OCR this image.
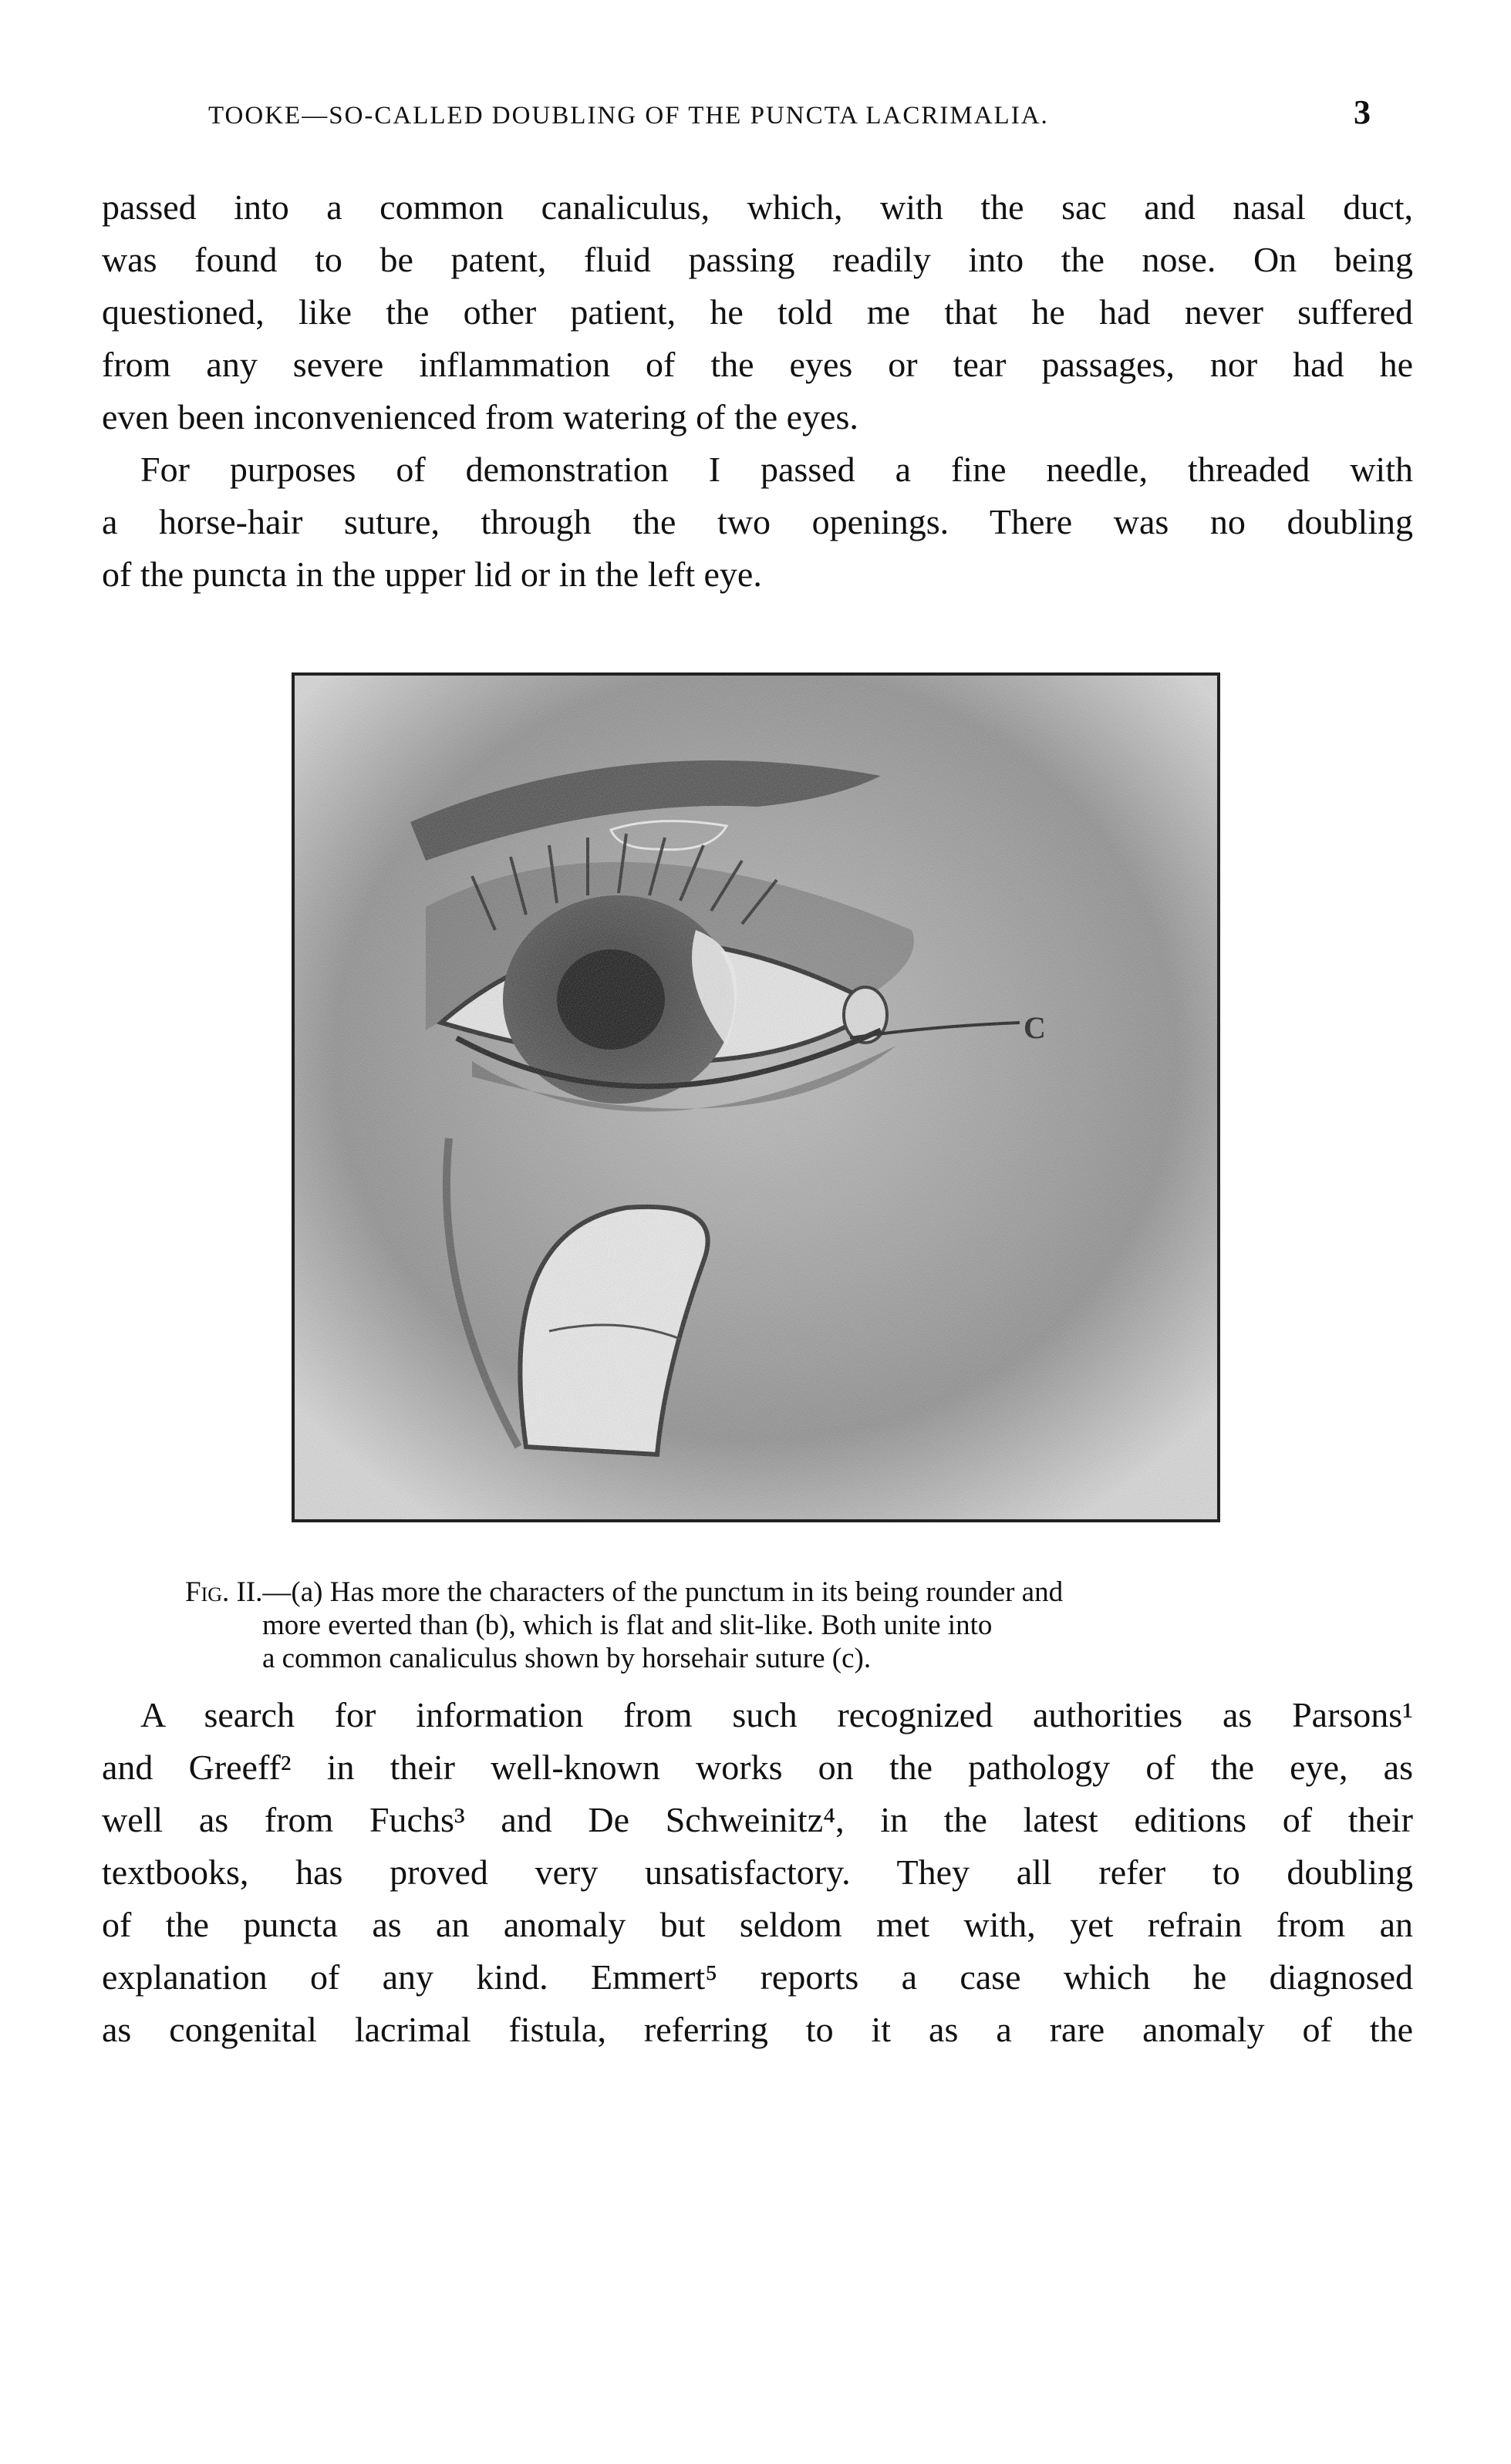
TOOKE—SO-CALLED DOUBLING OF THE PUNCTA LACRIMALIA.	3

passed into a common canaliculus, which, with the sac and nasal duct,
was found to be patent, fluid passing readily into the nose. On being
questioned, like the other patient, he told me that he had never suffered
from any severe inflammation of the eyes or tear passages, nor had he
even been inconvenienced from watering of the eyes.

For purposes of demonstration I passed a fine needle, threaded with
a horse-hair suture, through the two openings. There was no doubling
of the puncta in the upper lid or in the left eye.

Fig. II.—(a) Has more the characters of the punctum in its being rounder and
more everted than (b), which is flat and slit-like. Both unite into
a common canaliculus shown by horsehair suture (c).

A search for information from such recognized authorities as Parsons¹
and Greeff² in their well-known works on the pathology of the eye, as
well as from Fuchs³ and De Schweinitz⁴, in the latest editions of their
textbooks, has proved very unsatisfactory. They all refer to doubling
of the puncta as an anomaly but seldom met with, yet refrain from an
explanation of any kind. Emmert⁵ reports a case which he diagnosed
as congenital lacrimal fistula, referring to it as a rare anomaly of the
